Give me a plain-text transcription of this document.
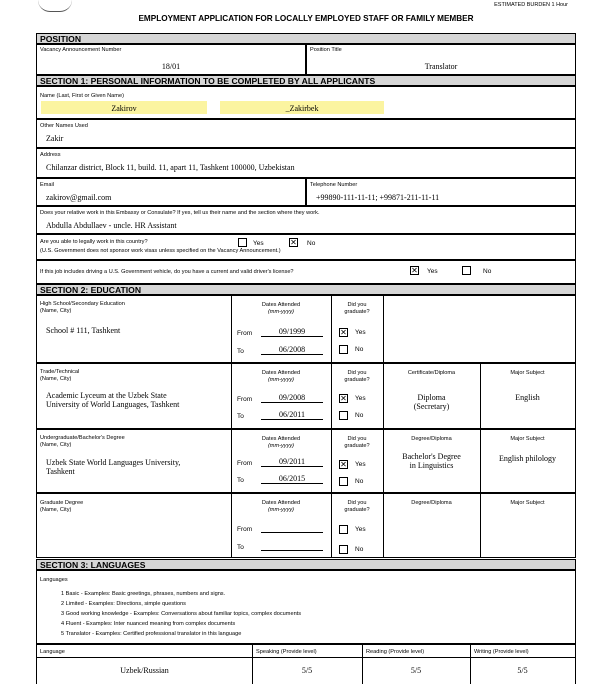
ESTIMATED BURDEN 1 Hour
EMPLOYMENT APPLICATION FOR LOCALLY EMPLOYED STAFF OR FAMILY MEMBER
POSITION
Vacancy Announcement Number
18/01
Position Title
Translator
SECTION 1: PERSONAL INFORMATION TO BE COMPLETED BY ALL APPLICANTS
Name (Last, First or Given Name)
Zakirov	_Zakirbek
Other Names Used
Zakir
Address
Chilanzar district, Block 11, build. 11, apart 11, Tashkent 100000, Uzbekistan
Email
zakirov@gmail.com
Telephone Number
+99890-111-11-11; +99871-211-11-11
Does your relative work in this Embassy or Consulate? If yes, tell us their name and the section where they work.
Abdulla Abdullaev - uncle. HR Assistant
Are you able to legally work in this country?
(U.S. Government does not sponsor work visas unless specified on the Vacancy Announcement.)
Yes	✕ No
If this job includes driving a U.S. Government vehicle, do you have a current and valid driver's license?	✕ Yes	No
SECTION 2: EDUCATION
High School/Secondary Education
(Name, City)
School # 111, Tashkent
Dates Attended
(mm-yyyy)
From	09/1999
To	06/2008
Did you
graduate?
✕ Yes
No
Trade/Technical
(Name, City)
Academic Lyceum at the Uzbek State
University of World Languages, Tashkent
Dates Attended
(mm-yyyy)
From	09/2008
To	06/2011
Did you
graduate?
✕ Yes
No
Certificate/Diploma
Diploma
(Secretary)
Major Subject
English
Undergraduate/Bachelor's Degree
(Name, City)
Uzbek State World Languages University,
Tashkent
Dates Attended
(mm-yyyy)
From	09/2011
To	06/2015
Did you
graduate?
✕ Yes
No
Degree/Diploma
Bachelor's Degree
in Linguistics
Major Subject
English philology
Graduate Degree
(Name, City)
Dates Attended
(mm-yyyy)
From
To
Did you
graduate?
Yes
No
Degree/Diploma	Major Subject
SECTION 3: LANGUAGES
Languages
1 Basic - Examples: Basic greetings, phrases, numbers and signs.
2 Limited - Examples: Directions, simple questions
3 Good working knowledge - Examples: Conversations about familiar topics, complex documents
4 Fluent - Examples: Inter nuanced meaning from complex documents
5 Translator - Examples: Certified professional translator in this language
Language	Speaking (Provide level)	Reading (Provide level)	Writing (Provide level)
Uzbek/Russian	5/5	5/5	5/5
